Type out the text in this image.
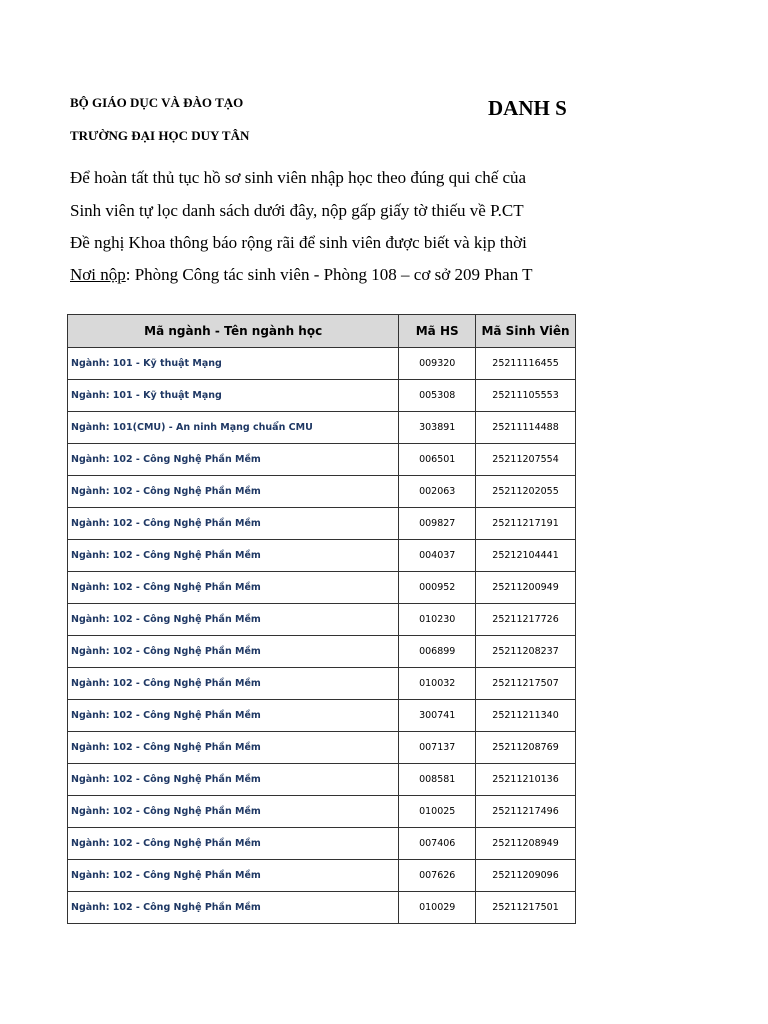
BỘ GIÁO DỤC VÀ ĐÀO TẠO
TRƯỜNG ĐẠI HỌC DUY TÂN
DANH S
Để hoàn tất thủ tục hồ sơ sinh viên nhập học theo đúng qui chế của
Sinh viên tự lọc danh sách dưới đây, nộp gấp giấy tờ thiếu về P.CT
Đề nghị Khoa thông báo rộng rãi để sinh viên được biết và kịp thời
Nơi nộp: Phòng Công tác sinh viên - Phòng 108 – cơ sở 209 Phan T
Mã ngành - Tên ngành học	Mã HS	Mã Sinh Viên
Ngành: 101 - Kỹ thuật Mạng	009320	25211116455
Ngành: 101 - Kỹ thuật Mạng	005308	25211105553
Ngành: 101(CMU) - An ninh Mạng chuẩn CMU	303891	25211114488
Ngành: 102 - Công Nghệ Phần Mềm	006501	25211207554
Ngành: 102 - Công Nghệ Phần Mềm	002063	25211202055
Ngành: 102 - Công Nghệ Phần Mềm	009827	25211217191
Ngành: 102 - Công Nghệ Phần Mềm	004037	25212104441
Ngành: 102 - Công Nghệ Phần Mềm	000952	25211200949
Ngành: 102 - Công Nghệ Phần Mềm	010230	25211217726
Ngành: 102 - Công Nghệ Phần Mềm	006899	25211208237
Ngành: 102 - Công Nghệ Phần Mềm	010032	25211217507
Ngành: 102 - Công Nghệ Phần Mềm	300741	25211211340
Ngành: 102 - Công Nghệ Phần Mềm	007137	25211208769
Ngành: 102 - Công Nghệ Phần Mềm	008581	25211210136
Ngành: 102 - Công Nghệ Phần Mềm	010025	25211217496
Ngành: 102 - Công Nghệ Phần Mềm	007406	25211208949
Ngành: 102 - Công Nghệ Phần Mềm	007626	25211209096
Ngành: 102 - Công Nghệ Phần Mềm	010029	25211217501
